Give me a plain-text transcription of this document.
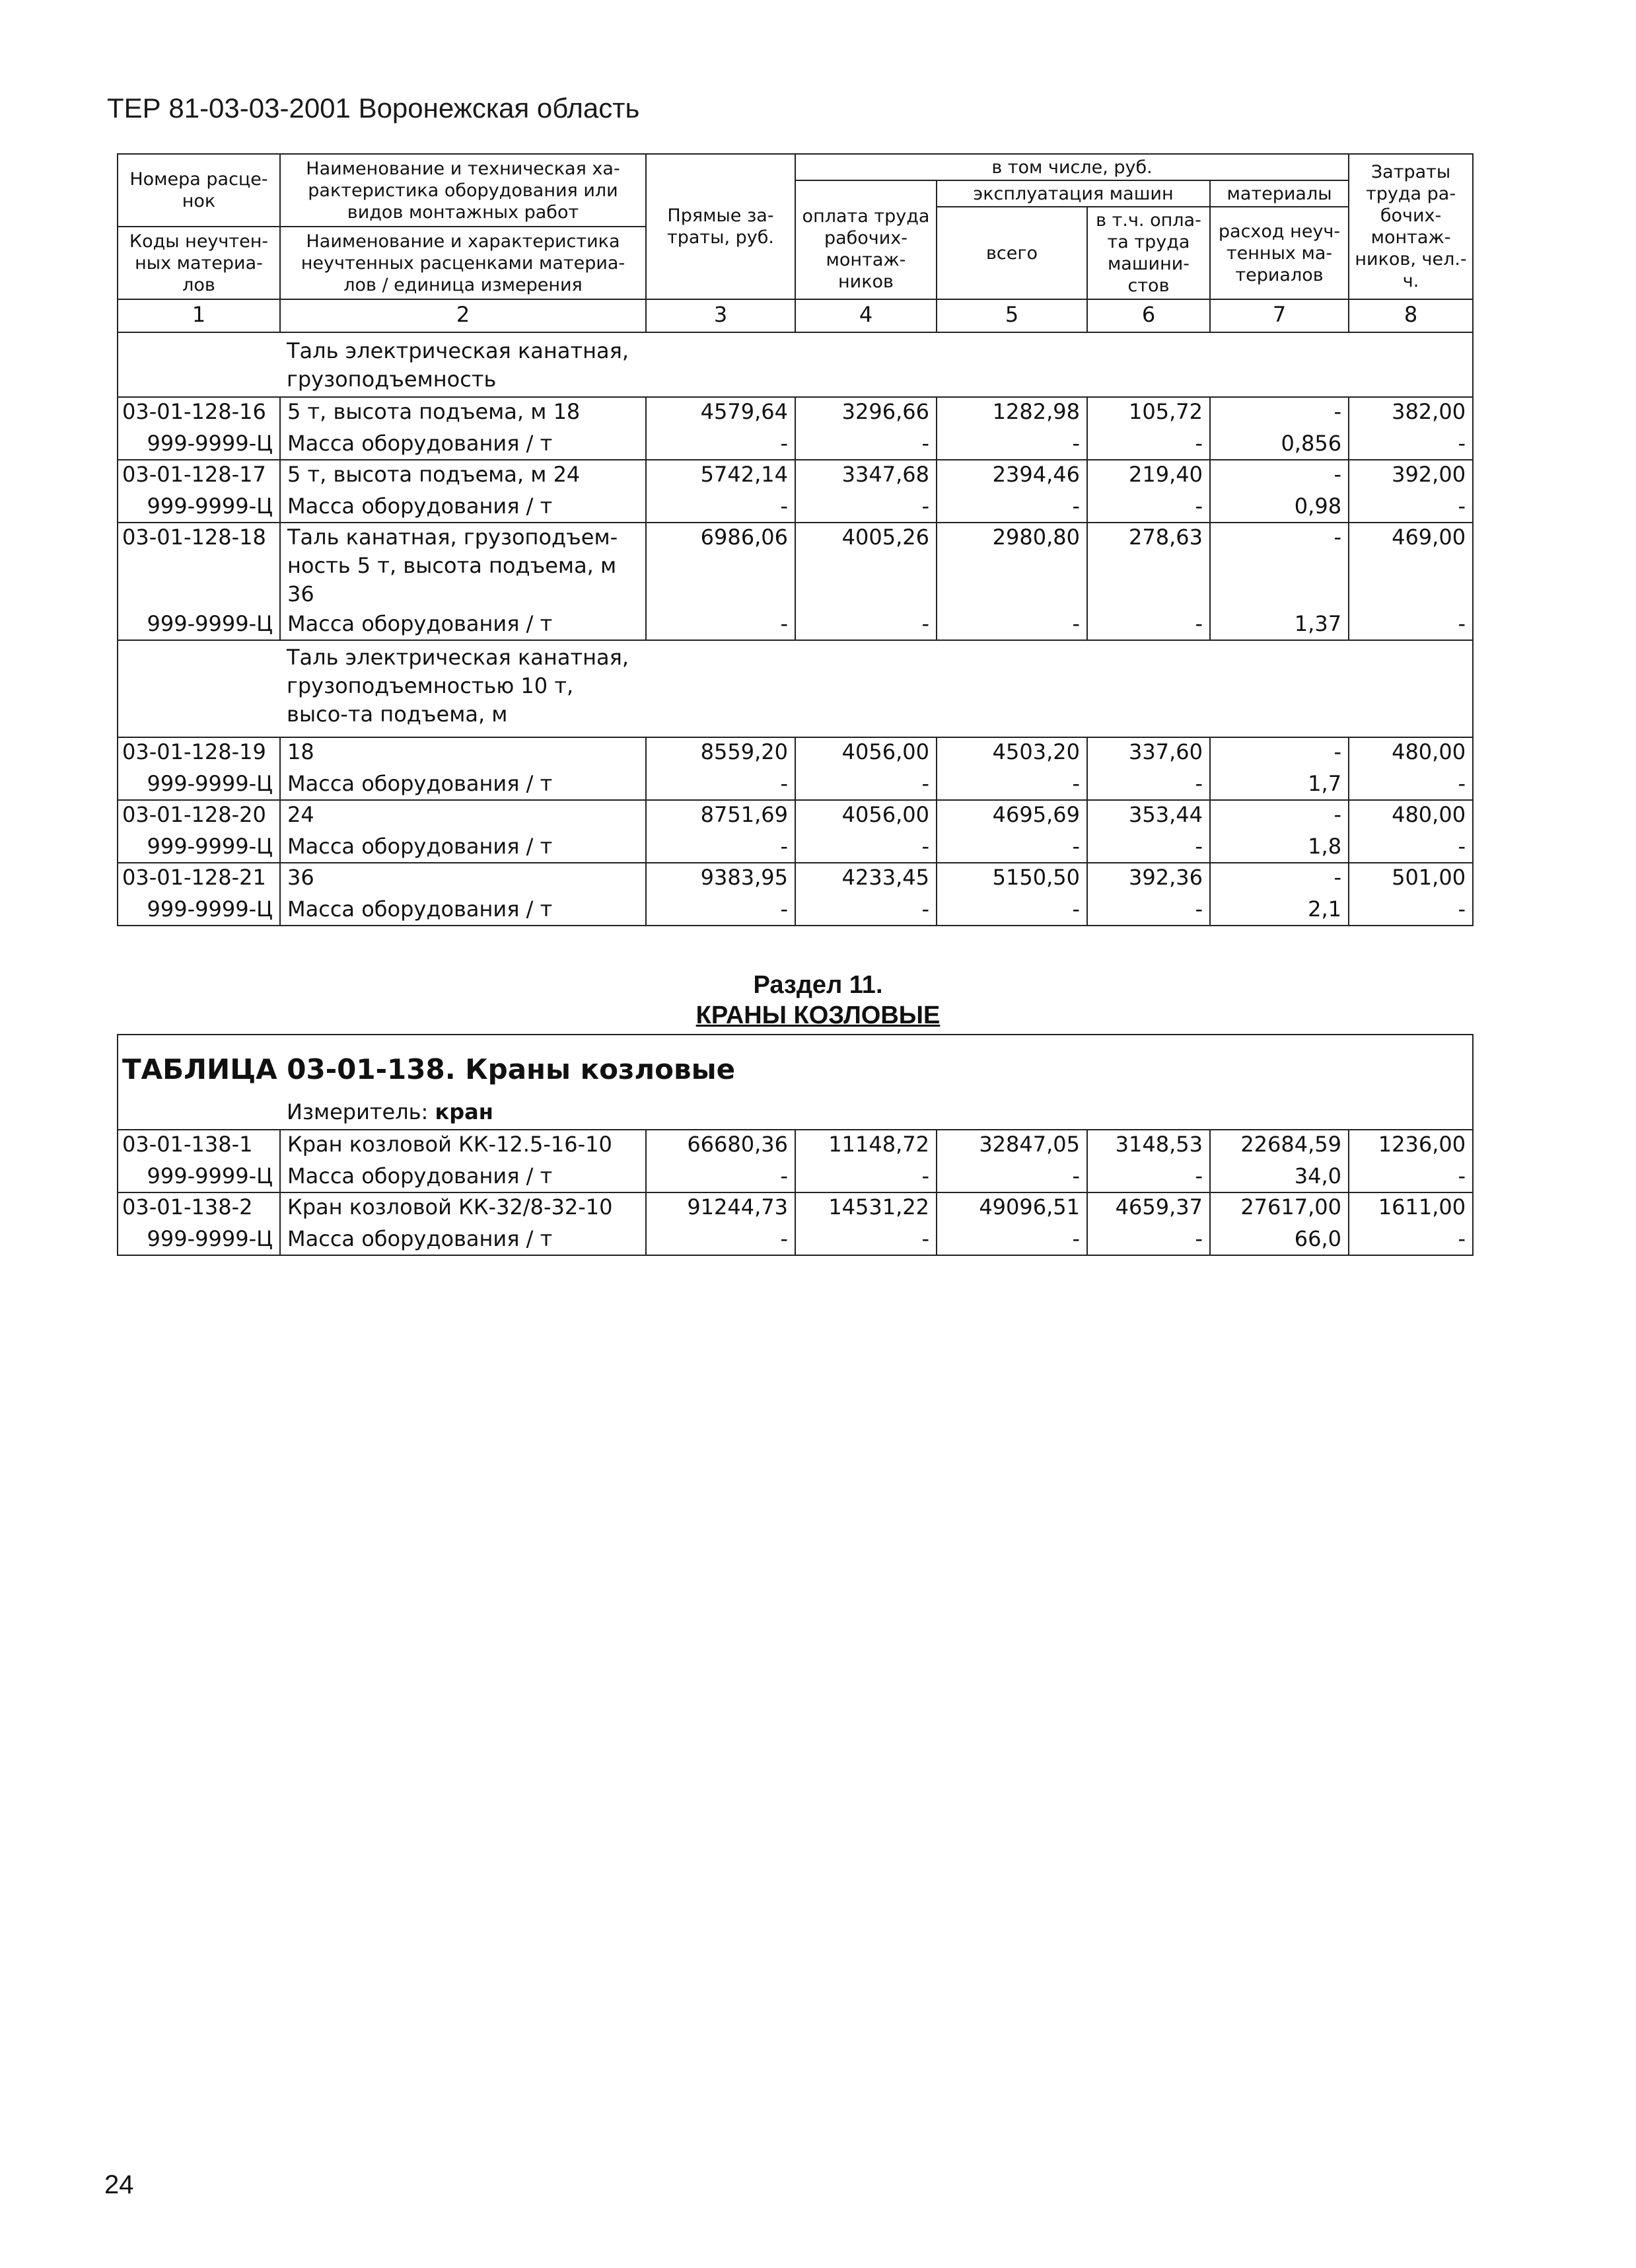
ТЕР 81-03-03-2001 Воронежская область
Номера расце-нок	Наименование и техническая ха-рактеристика оборудования или видов монтажных работ	Прямые за-траты, руб.	в том числе, руб.				Затраты труда ра-бочих-монтаж-ников, чел.-ч.
			оплата труда рабочих-монтаж-ников	эксплуатация машин		материалы	
				всего	в т.ч. опла-та труда машини-стов	расход неуч-тенных ма-териалов	
Коды неучтен-ных материа-лов	Наименование и характеристика неучтенных расценками материа-лов / единица измерения						

1	2	3	4	5	6	7	8

	Таль электрическая канатная, грузоподъемность						

03-01-128-16	5 т, высота подъема, м 18	4579,64	3296,66	1282,98	105,72	-	382,00
999-9999-Ц	Масса оборудования / т	-	-	-	-	0,856	-
03-01-128-17	5 т, высота подъема, м 24	5742,14	3347,68	2394,46	219,40	-	392,00
999-9999-Ц	Масса оборудования / т	-	-	-	-	0,98	-
03-01-128-18	Таль канатная, грузоподъем-ность 5 т, высота подъема, м 36	6986,06	4005,26	2980,80	278,63	-	469,00
999-9999-Ц	Масса оборудования / т	-	-	-	-	1,37	-

	Таль электрическая канатная, грузоподъемностью 10 т, высо-та подъема, м						

03-01-128-19	18	8559,20	4056,00	4503,20	337,60	-	480,00
999-9999-Ц	Масса оборудования / т	-	-	-	-	1,7	-
03-01-128-20	24	8751,69	4056,00	4695,69	353,44	-	480,00
999-9999-Ц	Масса оборудования / т	-	-	-	-	1,8	-
03-01-128-21	36	9383,95	4233,45	5150,50	392,36	-	501,00
999-9999-Ц	Масса оборудования / т	-	-	-	-	2,1	-
Раздел 11.
КРАНЫ КОЗЛОВЫЕ
ТАБЛИЦА 03-01-138. Краны козловые							
	Измеритель: кран						
03-01-138-1	Кран козловой КК-12.5-16-10	66680,36	11148,72	32847,05	3148,53	22684,59	1236,00
999-9999-Ц	Масса оборудования / т	-	-	-	-	34,0	-
03-01-138-2	Кран козловой КК-32/8-32-10	91244,73	14531,22	49096,51	4659,37	27617,00	1611,00
999-9999-Ц	Масса оборудования / т	-	-	-	-	66,0	-
24
